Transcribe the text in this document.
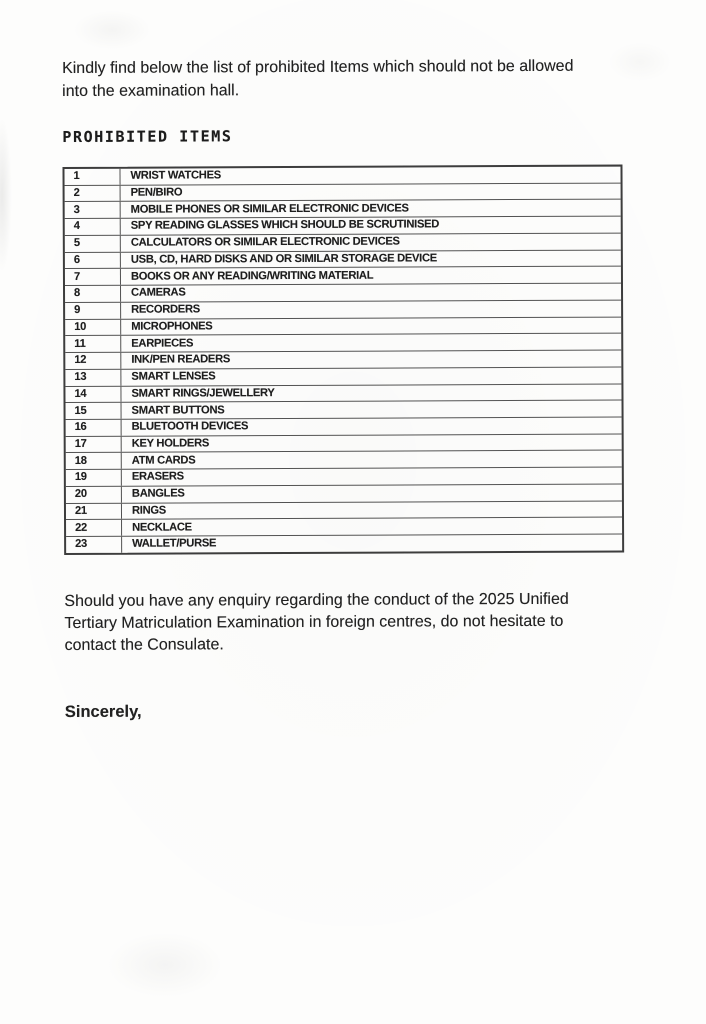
Kindly find below the list of prohibited Items which should not be allowed
into the examination hall.

PROHIBITED ITEMS
1	WRIST WATCHES
2	PEN/BIRO
3	MOBILE PHONES OR SIMILAR ELECTRONIC DEVICES
4	SPY READING GLASSES WHICH SHOULD BE SCRUTINISED
5	CALCULATORS OR SIMILAR ELECTRONIC DEVICES
6	USB, CD, HARD DISKS AND OR SIMILAR STORAGE DEVICE
7	BOOKS OR ANY READING/WRITING MATERIAL
8	CAMERAS
9	RECORDERS
10	MICROPHONES
11	EARPIECES
12	INK/PEN READERS
13	SMART LENSES
14	SMART RINGS/JEWELLERY
15	SMART BUTTONS
16	BLUETOOTH DEVICES
17	KEY HOLDERS
18	ATM CARDS
19	ERASERS
20	BANGLES
21	RINGS
22	NECKLACE
23	WALLET/PURSE

Should you have any enquiry regarding the conduct of the 2025 Unified
Tertiary Matriculation Examination in foreign centres, do not hesitate to
contact the Consulate.

Sincerely,
